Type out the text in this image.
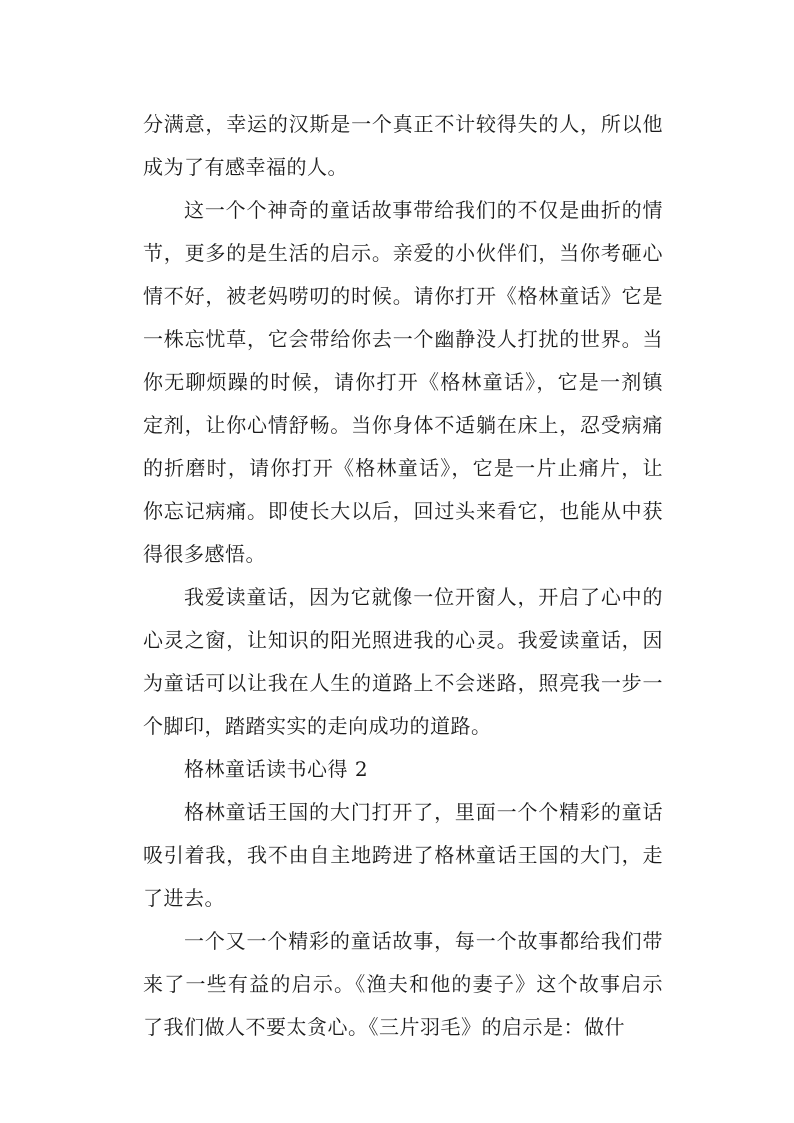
分满意，幸运的汉斯是一个真正不计较得失的人，所以他成为了有感幸福的人。

这一个个神奇的童话故事带给我们的不仅是曲折的情节，更多的是生活的启示。亲爱的小伙伴们，当你考砸心情不好，被老妈唠叨的时候。请你打开《格林童话》它是一株忘忧草，它会带给你去一个幽静没人打扰的世界。当你无聊烦躁的时候，请你打开《格林童话》，它是一剂镇定剂，让你心情舒畅。当你身体不适躺在床上，忍受病痛的折磨时，请你打开《格林童话》，它是一片止痛片，让你忘记病痛。即使长大以后，回过头来看它，也能从中获得很多感悟。

我爱读童话，因为它就像一位开窗人，开启了心中的心灵之窗，让知识的阳光照进我的心灵。我爱读童话，因为童话可以让我在人生的道路上不会迷路，照亮我一步一个脚印，踏踏实实的走向成功的道路。

格林童话读书心得 2

格林童话王国的大门打开了，里面一个个精彩的童话吸引着我，我不由自主地跨进了格林童话王国的大门，走了进去。

一个又一个精彩的童话故事，每一个故事都给我们带来了一些有益的启示。《渔夫和他的妻子》这个故事启示了我们做人不要太贪心。《三片羽毛》的启示是：做什
